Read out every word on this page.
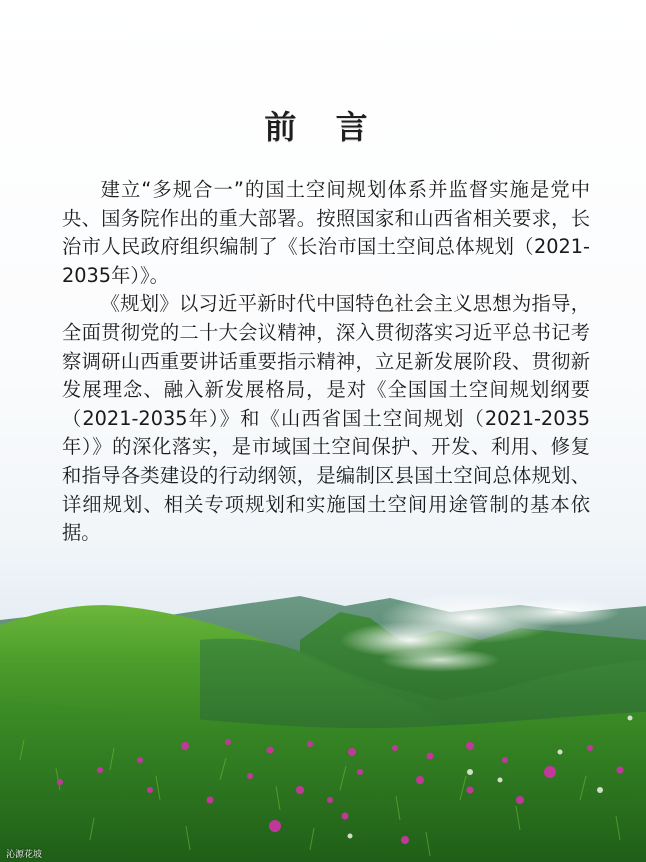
前 言

建立“多规合一”的国土空间规划体系并监督实施是党中央、国务院作出的重大部署。按照国家和山西省相关要求，长治市人民政府组织编制了《长治市国土空间总体规划（2021-2035年）》。

《规划》以习近平新时代中国特色社会主义思想为指导，全面贯彻党的二十大会议精神，深入贯彻落实习近平总书记考察调研山西重要讲话重要指示精神，立足新发展阶段、贯彻新发展理念、融入新发展格局，是对《全国国土空间规划纲要（2021-2035年）》和《山西省国土空间规划（2021-2035年）》的深化落实，是市域国土空间保护、开发、利用、修复和指导各类建设的行动纲领，是编制区县国土空间总体规划、详细规划、相关专项规划和实施国土空间用途管制的基本依据。

沁源花坡
